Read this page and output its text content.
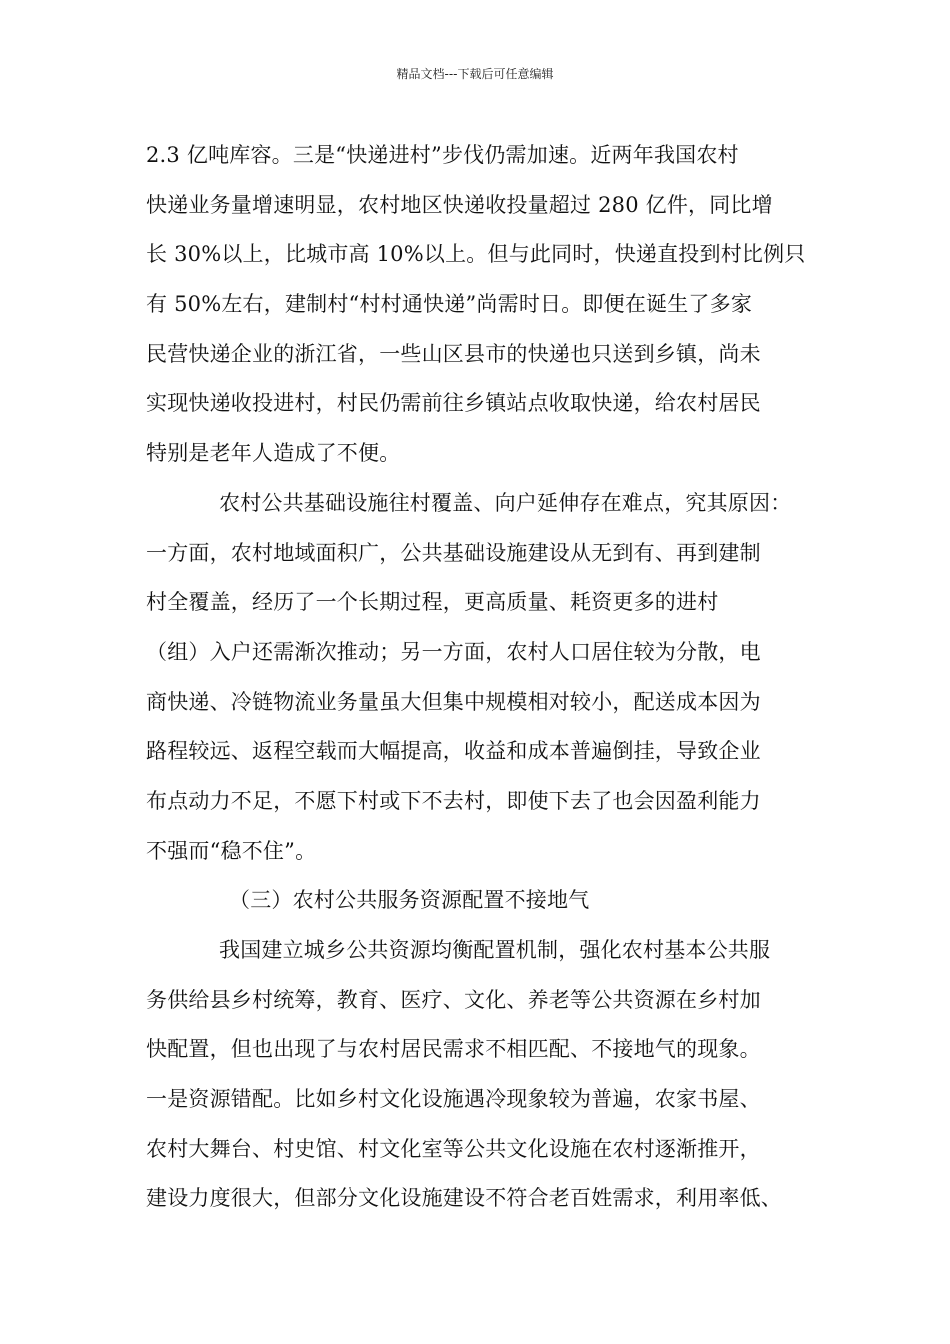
精品文档---下载后可任意编辑
2.3 亿吨库容。三是“快递进村”步伐仍需加速。近两年我国农村
快递业务量增速明显，农村地区快递收投量超过 280 亿件，同比增
长 30%以上，比城市高 10%以上。但与此同时，快递直投到村比例只
有 50%左右，建制村“村村通快递”尚需时日。即便在诞生了多家
民营快递企业的浙江省，一些山区县市的快递也只送到乡镇，尚未
实现快递收投进村，村民仍需前往乡镇站点收取快递，给农村居民
特别是老年人造成了不便。
农村公共基础设施往村覆盖、向户延伸存在难点，究其原因：
一方面，农村地域面积广，公共基础设施建设从无到有、再到建制
村全覆盖，经历了一个长期过程，更高质量、耗资更多的进村
（组）入户还需渐次推动；另一方面，农村人口居住较为分散，电
商快递、冷链物流业务量虽大但集中规模相对较小，配送成本因为
路程较远、返程空载而大幅提高，收益和成本普遍倒挂，导致企业
布点动力不足，不愿下村或下不去村，即使下去了也会因盈利能力
不强而“稳不住”。
（三）农村公共服务资源配置不接地气
我国建立城乡公共资源均衡配置机制，强化农村基本公共服
务供给县乡村统筹，教育、医疗、文化、养老等公共资源在乡村加
快配置，但也出现了与农村居民需求不相匹配、不接地气的现象。
一是资源错配。比如乡村文化设施遇冷现象较为普遍，农家书屋、
农村大舞台、村史馆、村文化室等公共文化设施在农村逐渐推开，
建设力度很大，但部分文化设施建设不符合老百姓需求，利用率低、
